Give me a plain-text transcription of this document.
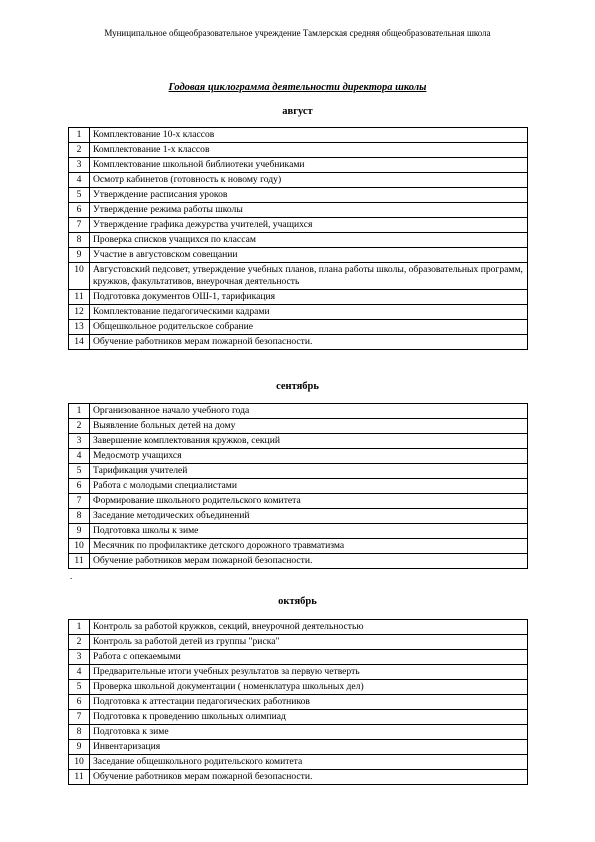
Муниципальное общеобразовательное учреждение Тамлерская средняя общеобразовательная школа
Годовая циклограмма деятельности директора школы
август
1	Комплектование 10-х классов
2	Комплектование 1-х классов
3	Комплектование школьной библиотеки учебниками
4	Осмотр кабинетов (готовность к новому году)
5	Утверждение расписания уроков
6	Утверждение режима работы школы
7	Утверждение графика дежурства учителей, учащихся
8	Проверка списков учащихся по классам
9	Участие в августовском совещании
10	Августовский педсовет, утверждение учебных планов, плана работы школы, образовательных программ, кружков, факультативов, внеурочная деятельность
11	Подготовка документов ОШ-1, тарификация
12	Комплектование педагогическими кадрами
13	Общешкольное родительское собрание
14	Обучение работников мерам пожарной безопасности.
сентябрь
1	Организованное начало учебного года
2	Выявление больных детей на дому
3	Завершение комплектования кружков, секций
4	Медосмотр учащихся
5	Тарификация учителей
6	Работа с молодыми специалистами
7	Формирование школьного родительского комитета
8	Заседание методических объединений
9	Подготовка школы к зиме
10	Месячник по профилактике детского дорожного травматизма
11	Обучение работников мерам пожарной безопасности.
.
октябрь
1	Контроль за работой кружков, секций, внеурочной деятельностью
2	Контроль за работой детей из группы "риска"
3	Работа с опекаемыми
4	Предварительные итоги учебных результатов за первую четверть
5	Проверка школьной документации ( номенклатура школьных дел)
6	Подготовка к аттестации педагогических работников
7	Подготовка к проведению школьных олимпиад
8	Подготовка к зиме
9	Инвентаризация
10	Заседание общешкольного родительского комитета
11	Обучение работников мерам пожарной безопасности.
